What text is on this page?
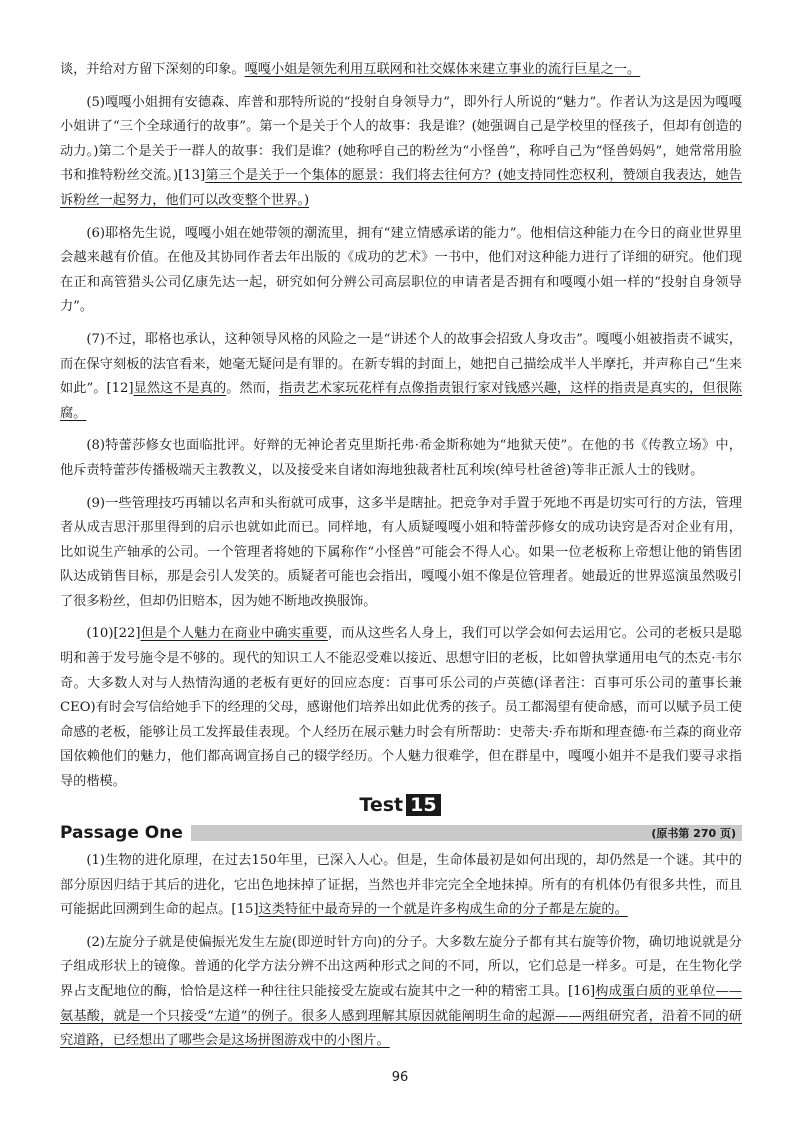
谈，并给对方留下深刻的印象。嘎嘎小姐是领先利用互联网和社交媒体来建立事业的流行巨星之一。

(5)嘎嘎小姐拥有安德森、库普和那特所说的“投射自身领导力”，即外行人所说的“魅力”。作者认为这是因为嘎嘎小姐讲了“三个全球通行的故事”。第一个是关于个人的故事：我是谁？(她强调自己是学校里的怪孩子，但却有创造的动力。)第二个是关于一群人的故事：我们是谁？(她称呼自己的粉丝为“小怪兽”，称呼自己为“怪兽妈妈”，她常常用脸书和推特粉丝交流。)[13]第三个是关于一个集体的愿景：我们将去往何方？(她支持同性恋权利，赞颂自我表达，她告诉粉丝一起努力，他们可以改变整个世界。)

(6)耶格先生说，嘎嘎小姐在她带领的潮流里，拥有“建立情感承诺的能力”。他相信这种能力在今日的商业世界里会越来越有价值。在他及其协同作者去年出版的《成功的艺术》一书中，他们对这种能力进行了详细的研究。他们现在正和高管猎头公司亿康先达一起，研究如何分辨公司高层职位的申请者是否拥有和嘎嘎小姐一样的“投射自身领导力”。

(7)不过，耶格也承认，这种领导风格的风险之一是“讲述个人的故事会招致人身攻击”。嘎嘎小姐被指责不诚实，而在保守刻板的法官看来，她毫无疑问是有罪的。在新专辑的封面上，她把自己描绘成半人半摩托，并声称自己“生来如此”。[12]显然这不是真的。然而，指责艺术家玩花样有点像指责银行家对钱感兴趣，这样的指责是真实的，但很陈腐。

(8)特蕾莎修女也面临批评。好辩的无神论者克里斯托弗·希金斯称她为“地狱天使”。在他的书《传教立场》中，他斥责特蕾莎传播极端天主教教义，以及接受来自诸如海地独裁者杜瓦利埃(绰号杜爸爸)等非正派人士的钱财。

(9)一些管理技巧再辅以名声和头衔就可成事，这多半是瞎扯。把竞争对手置于死地不再是切实可行的方法，管理者从成吉思汗那里得到的启示也就如此而已。同样地，有人质疑嘎嘎小姐和特蕾莎修女的成功诀窍是否对企业有用，比如说生产轴承的公司。一个管理者将她的下属称作“小怪兽”可能会不得人心。如果一位老板称上帝想让他的销售团队达成销售目标，那是会引人发笑的。质疑者可能也会指出，嘎嘎小姐不像是位管理者。她最近的世界巡演虽然吸引了很多粉丝，但却仍旧赔本，因为她不断地改换服饰。

(10)[22]但是个人魅力在商业中确实重要，而从这些名人身上，我们可以学会如何去运用它。公司的老板只是聪明和善于发号施令是不够的。现代的知识工人不能忍受难以接近、思想守旧的老板，比如曾执掌通用电气的杰克·韦尔奇。大多数人对与人热情沟通的老板有更好的回应态度：百事可乐公司的卢英德(译者注：百事可乐公司的董事长兼CEO)有时会写信给她手下的经理的父母，感谢他们培养出如此优秀的孩子。员工都渴望有使命感，而可以赋予员工使命感的老板，能够让员工发挥最佳表现。个人经历在展示魅力时会有所帮助：史蒂夫·乔布斯和理查德·布兰森的商业帝国依赖他们的魅力，他们都高调宣扬自己的辍学经历。个人魅力很难学，但在群星中，嘎嘎小姐并不是我们要寻求指导的楷模。

Test 15
Passage One	(原书第 270 页)

(1)生物的进化原理，在过去150年里，已深入人心。但是，生命体最初是如何出现的，却仍然是一个谜。其中的部分原因归结于其后的进化，它出色地抹掉了证据，当然也并非完完全全地抹掉。所有的有机体仍有很多共性，而且可能据此回溯到生命的起点。[15]这类特征中最奇异的一个就是许多构成生命的分子都是左旋的。

(2)左旋分子就是使偏振光发生左旋(即逆时针方向)的分子。大多数左旋分子都有其右旋等价物，确切地说就是分子组成形状上的镜像。普通的化学方法分辨不出这两种形式之间的不同，所以，它们总是一样多。可是，在生物化学界占支配地位的酶，恰恰是这样一种往往只能接受左旋或右旋其中之一种的精密工具。[16]构成蛋白质的亚单位——氨基酸，就是一个只接受“左道”的例子。很多人感到理解其原因就能阐明生命的起源——两组研究者，沿着不同的研究道路，已经想出了哪些会是这场拼图游戏中的小图片。

96
